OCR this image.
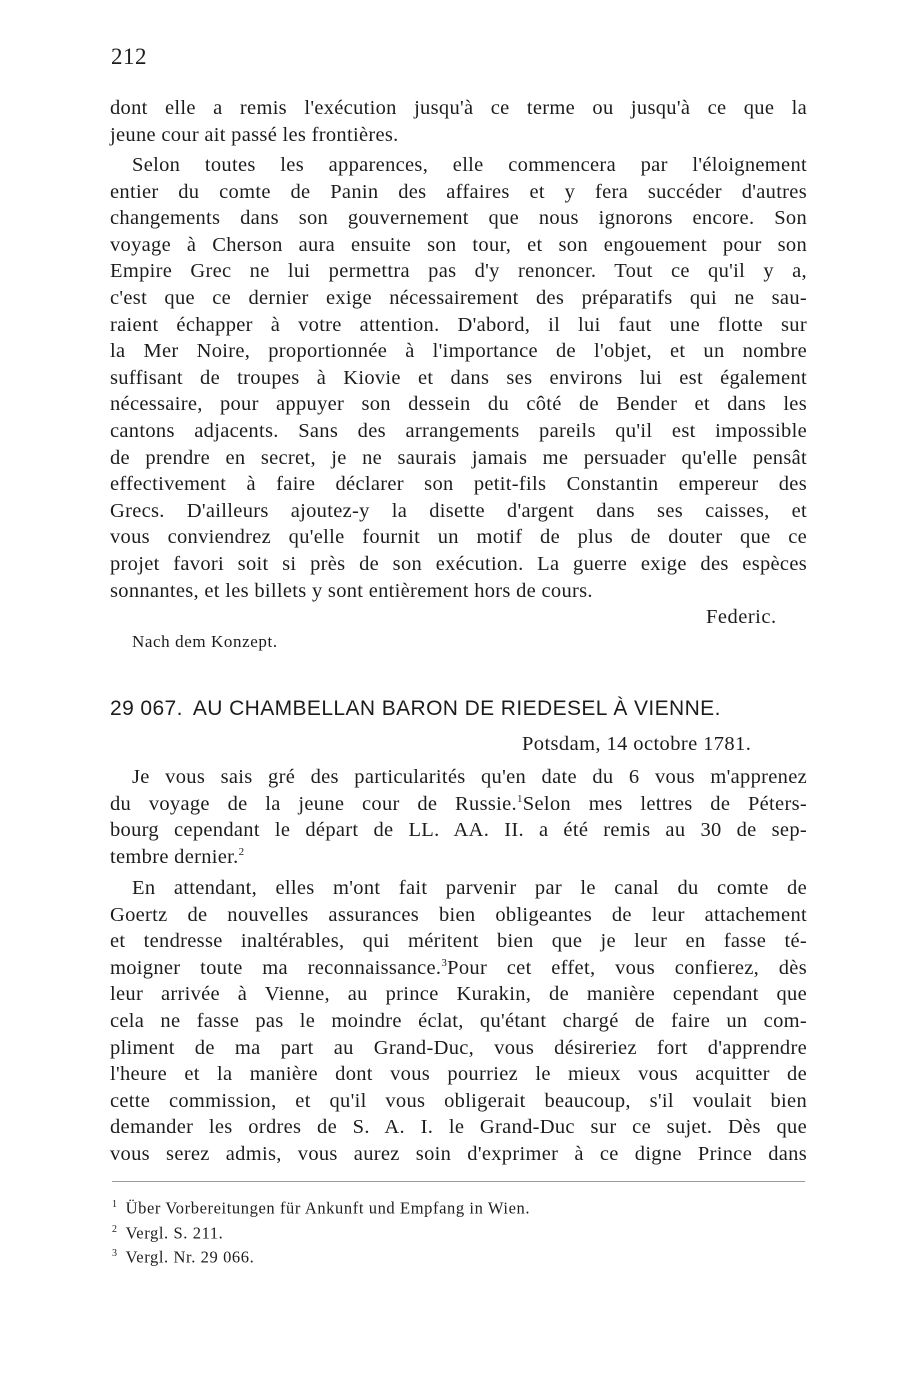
212
dont elle a remis l'exécution jusqu'à ce terme ou jusqu'à ce que la
jeune cour ait passé les frontières.
Selon toutes les apparences, elle commencera par l'éloignement
entier du comte de Panin des affaires et y fera succéder d'autres
changements dans son gouvernement que nous ignorons encore. Son
voyage à Cherson aura ensuite son tour, et son engouement pour son
Empire Grec ne lui permettra pas d'y renoncer. Tout ce qu'il y a,
c'est que ce dernier exige nécessairement des préparatifs qui ne sau-
raient échapper à votre attention. D'abord, il lui faut une flotte sur
la Mer Noire, proportionnée à l'importance de l'objet, et un nombre
suffisant de troupes à Kiovie et dans ses environs lui est également
nécessaire, pour appuyer son dessein du côté de Bender et dans les
cantons adjacents. Sans des arrangements pareils qu'il est impossible
de prendre en secret, je ne saurais jamais me persuader qu'elle pensât
effectivement à faire déclarer son petit-fils Constantin empereur des
Grecs. D'ailleurs ajoutez-y la disette d'argent dans ses caisses, et
vous conviendrez qu'elle fournit un motif de plus de douter que ce
projet favori soit si près de son exécution. La guerre exige des espèces
sonnantes, et les billets y sont entièrement hors de cours.
Federic.
Nach dem Konzept.
29 067. AU CHAMBELLAN BARON DE RIEDESEL À VIENNE.
Potsdam, 14 octobre 1781.
Je vous sais gré des particularités qu'en date du 6 vous m'apprenez
du voyage de la jeune cour de Russie.$^1$Selon mes lettres de Péters-
bourg cependant le départ de LL. AA. II. a été remis au 30 de sep-
tembre dernier.$^2$
En attendant, elles m'ont fait parvenir par le canal du comte de
Goertz de nouvelles assurances bien obligeantes de leur attachement
et tendresse inaltérables, qui méritent bien que je leur en fasse té-
moigner toute ma reconnaissance.$^3$Pour cet effet, vous confierez, dès
leur arrivée à Vienne, au prince Kurakin, de manière cependant que
cela ne fasse pas le moindre éclat, qu'étant chargé de faire un com-
pliment de ma part au Grand-Duc, vous désireriez fort d'apprendre
l'heure et la manière dont vous pourriez le mieux vous acquitter de
cette commission, et qu'il vous obligerait beaucoup, s'il voulait bien
demander les ordres de S. A. I. le Grand-Duc sur ce sujet. Dès que
vous serez admis, vous aurez soin d'exprimer à ce digne Prince dans
$^1$ Über Vorbereitungen für Ankunft und Empfang in Wien.
$^2$ Vergl. S. 211.
$^3$ Vergl. Nr. 29 066.
